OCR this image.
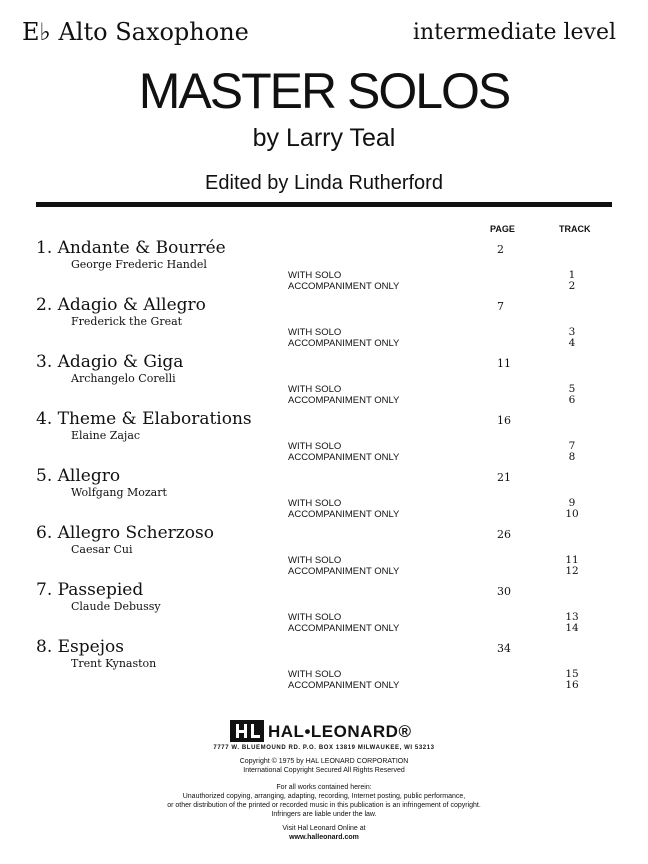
E♭ Alto Saxophone	intermediate level
MASTER SOLOS
by Larry Teal
Edited by Linda Rutherford
PAGE	TRACK
1. Andante & Bourrée
George Frederic Handel
2
WITH SOLO
ACCOMPANIMENT ONLY
1
2
2. Adagio & Allegro
Frederick the Great
7
WITH SOLO
ACCOMPANIMENT ONLY
3
4
3. Adagio & Giga
Archangelo Corelli
11
WITH SOLO
ACCOMPANIMENT ONLY
5
6
4. Theme & Elaborations
Elaine Zajac
16
WITH SOLO
ACCOMPANIMENT ONLY
7
8
5. Allegro
Wolfgang Mozart
21
WITH SOLO
ACCOMPANIMENT ONLY
9
10
6. Allegro Scherzoso
Caesar Cui
26
WITH SOLO
ACCOMPANIMENT ONLY
11
12
7. Passepied
Claude Debussy
30
WITH SOLO
ACCOMPANIMENT ONLY
13
14
8. Espejos
Trent Kynaston
34
WITH SOLO
ACCOMPANIMENT ONLY
15
16
HAL•LEONARD®
7777 W. BLUEMOUND RD. P.O. BOX 13819 MILWAUKEE, WI 53213
Copyright © 1975 by HAL LEONARD CORPORATION
International Copyright Secured All Rights Reserved
For all works contained herein:
Unauthorized copying, arranging, adapting, recording, Internet posting, public performance,
or other distribution of the printed or recorded music in this publication is an infringement of copyright.
Infringers are liable under the law.
Visit Hal Leonard Online at
www.halleonard.com
